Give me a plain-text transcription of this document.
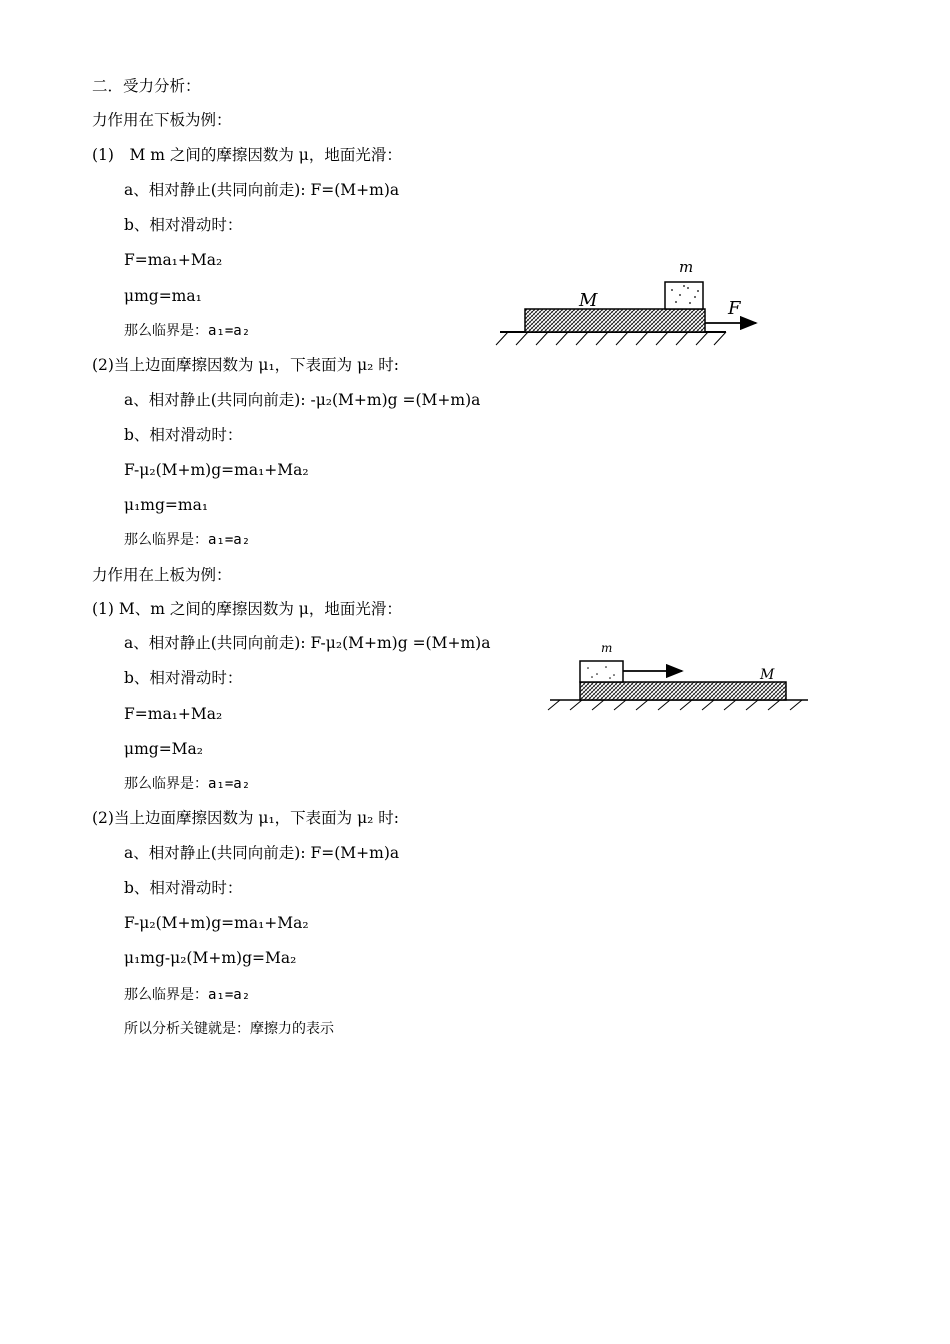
二．受力分析：
力作用在下板为例：
(1)　M m 之间的摩擦因数为 μ，地面光滑：
a、相对静止(共同向前走): F=(M+m)a
b、相对滑动时：
F=ma₁+Ma₂
μmg=ma₁
那么临界是：a₁=a₂
(2)当上边面摩擦因数为 μ₁，下表面为 μ₂ 时:
a、相对静止(共同向前走): -μ₂(M+m)g =(M+m)a
b、相对滑动时：
F-μ₂(M+m)g=ma₁+Ma₂
μ₁mg=ma₁
那么临界是：a₁=a₂
力作用在上板为例：
(1) M、m 之间的摩擦因数为 μ，地面光滑：
a、相对静止(共同向前走): F-μ₂(M+m)g =(M+m)a
b、相对滑动时：
F=ma₁+Ma₂
μmg=Ma₂
那么临界是：a₁=a₂
(2)当上边面摩擦因数为 μ₁，下表面为 μ₂ 时:
a、相对静止(共同向前走): F=(M+m)a
b、相对滑动时：
F-μ₂(M+m)g=ma₁+Ma₂
μ₁mg-μ₂(M+m)g=Ma₂
那么临界是：a₁=a₂
所以分析关键就是：摩擦力的表示
M
m
F
m
M
